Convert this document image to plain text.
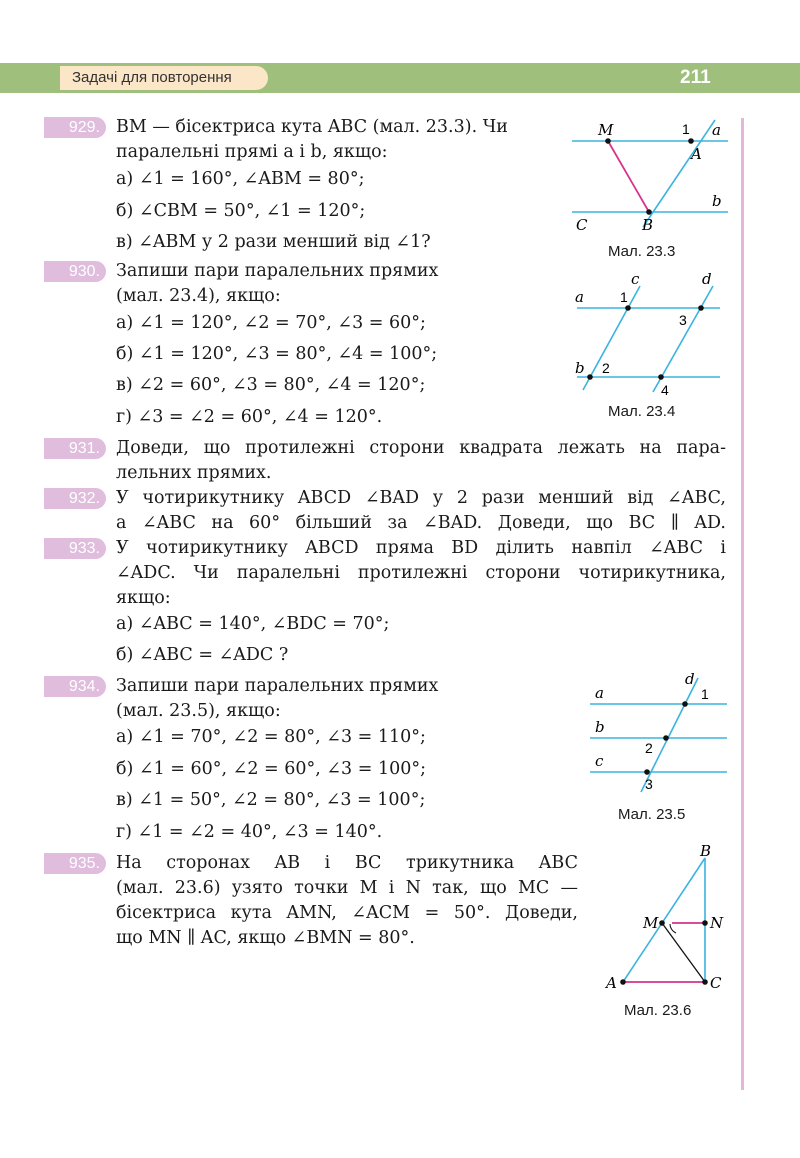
Задачі для повторення	211
929. BM — бісектриса кута ABC (мал. 23.3). Чи
паралельні прямі a і b, якщо:
а) ∠1 = 160°, ∠ABM = 80°;
б) ∠CBM = 50°, ∠1 = 120°;
в) ∠ABM у 2 рази менший від ∠1?
930. Запиши пари паралельних прямих
(мал. 23.4), якщо:
а) ∠1 = 120°, ∠2 = 70°, ∠3 = 60°;
б) ∠1 = 120°, ∠3 = 80°, ∠4 = 100°;
в) ∠2 = 60°, ∠3 = 80°, ∠4 = 120°;
г) ∠3 = ∠2 = 60°, ∠4 = 120°.
931. Доведи, що протилежні сторони квадрата лежать на пара-
лельних прямих.
932. У чотирикутнику ABCD ∠BAD у 2 рази менший від ∠ABC,
а ∠ABC на 60° більший за ∠BAD. Доведи, що BC ∥ AD.
933. У чотирикутнику ABCD пряма BD ділить навпіл ∠ABC і
∠ADC. Чи паралельні протилежні сторони чотирикутника,
якщо:
а) ∠ABC = 140°, ∠BDC = 70°;
б) ∠ABC = ∠ADC ?
934. Запиши пари паралельних прямих
(мал. 23.5), якщо:
а) ∠1 = 70°, ∠2 = 80°, ∠3 = 110°;
б) ∠1 = 60°, ∠2 = 60°, ∠3 = 100°;
в) ∠1 = 50°, ∠2 = 80°, ∠3 = 100°;
г) ∠1 = ∠2 = 40°, ∠3 = 140°.
935. На сторонах AB і BC трикутника ABC
(мал. 23.6) узято точки M і N так, що MC —
бісектриса кута AMN, ∠ACM = 50°. Доведи,
що MN ∥ AC, якщо ∠BMN = 80°.
M	1 a
A
b
C	B
Мал. 23.3
c	d
a	1
3
b 2
4
Мал. 23.4
a
d
1
b
2
c
3
Мал. 23.5
B
M	N
A	C
Мал. 23.6
